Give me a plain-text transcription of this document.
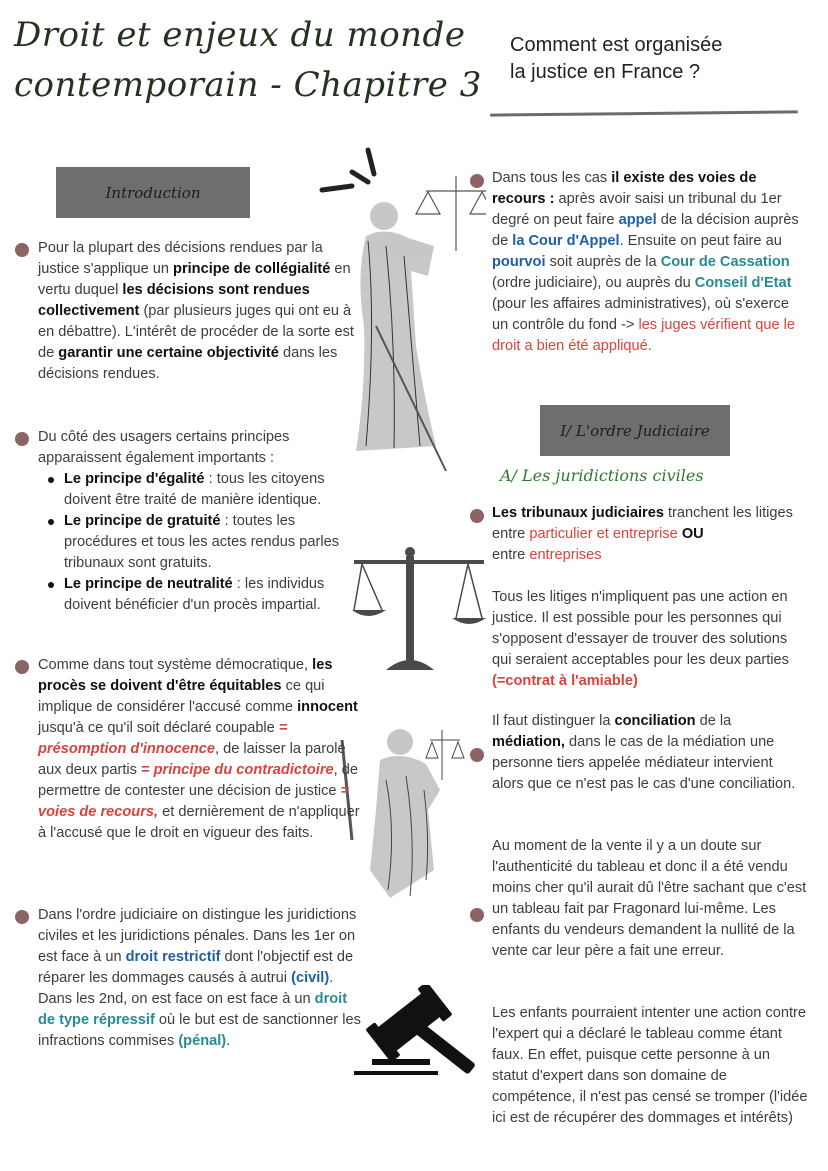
Droit et enjeux du monde
contemporain - Chapitre 3
Comment est organisée
la justice en France ?
Introduction
I/ L'ordre Judiciaire
A/ Les juridictions civiles
Pour la plupart des décisions rendues par la justice s'applique un principe de collégialité en vertu duquel les décisions sont rendues collectivement (par plusieurs juges qui ont eu à en débattre). L'intérêt de procéder de la sorte est de garantir une certaine objectivité dans les décisions rendues.
Du côté des usagers certains principes apparaissent également importants :
Le principe d'égalité : tous les citoyens doivent être traité de manière identique.
Le principe de gratuité : toutes les procédures et tous les actes rendus parles tribunaux sont gratuits.
Le principe de neutralité : les individus doivent bénéficier d'un procès impartial.
Comme dans tout système démocratique, les procès se doivent d'être équitables ce qui implique de considérer l'accusé comme innocent jusqu'à ce qu'il soit déclaré coupable = présomption d'innocence, de laisser la parole aux deux partis = principe du contradictoire, de permettre de contester une décision de justice = voies de recours, et dernièrement de n'appliquer à l'accusé que le droit en vigueur des faits.
Dans l'ordre judiciaire on distingue les juridictions civiles et les juridictions pénales. Dans les 1er on est face à un droit restrictif dont l'objectif est de réparer les dommages causés à autrui (civil). Dans les 2nd, on est face on est face à un droit de type répressif où le but est de sanctionner les infractions commises (pénal).
Dans tous les cas il existe des voies de recours : après avoir saisi un tribunal du 1er degré on peut faire appel de la décision auprès de la Cour d'Appel. Ensuite on peut faire au pourvoi soit auprès de la Cour de Cassation (ordre judiciaire), ou auprès du Conseil d'Etat (pour les affaires administratives), où s'exerce un contrôle du fond -> les juges vérifient que le droit a bien été appliqué.
Les tribunaux judiciaires tranchent les litiges entre particulier et entreprise OU
entre entreprises
Tous les litiges n'impliquent pas une action en justice. Il est possible pour les personnes qui s'opposent d'essayer de trouver des solutions qui seraient acceptables pour les deux parties (=contrat à l'amiable)
Il faut distinguer la conciliation de la médiation, dans le cas de la médiation une personne tiers appelée médiateur intervient alors que ce n'est pas le cas d'une conciliation.
Au moment de la vente il y a un doute sur l'authenticité du tableau et donc il a été vendu moins cher qu'il aurait dû l'être sachant que c'est un tableau fait par Fragonard lui-même. Les enfants du vendeurs demandent la nullité de la vente car leur père a fait une erreur.
Les enfants pourraient intenter une action contre l'expert qui a déclaré le tableau comme étant faux. En effet, puisque cette personne à un statut d'expert dans son domaine de compétence, il n'est pas censé se tromper (l'idée ici est de récupérer des dommages et intérêts)
